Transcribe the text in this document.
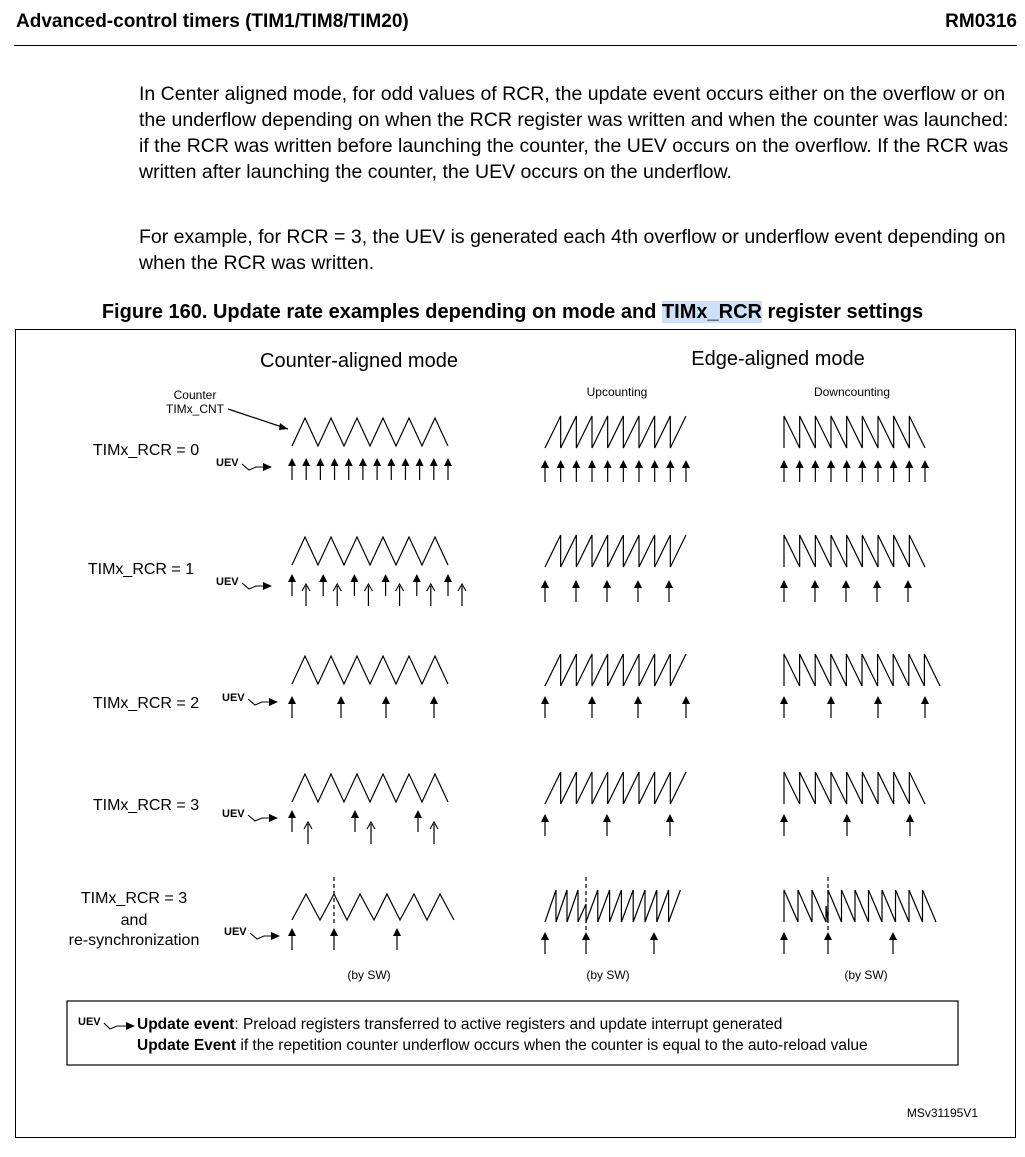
Advanced-control timers (TIM1/TIM8/TIM20)	RM0316

In Center aligned mode, for odd values of RCR, the update event occurs either on the overflow or on the underflow depending on when the RCR register was written and when the counter was launched: if the RCR was written before launching the counter, the UEV occurs on the overflow. If the RCR was written after launching the counter, the UEV occurs on the underflow.

For example, for RCR = 3, the UEV is generated each 4th overflow or underflow event depending on when the RCR was written.

Figure 160. Update rate examples depending on mode and TIMx_RCR register settings
Counter-aligned mode	Edge-aligned mode
Upcounting	Downcounting
Counter
TIMx_CNT
TIMx_RCR = 0
UEV
TIMx_RCR = 1
UEV
TIMx_RCR = 2 UEV
TIMx_RCR = 3 UEV
TIMx_RCR = 3
and
re-synchronization UEV
(by SW)	(by SW)	(by SW)
UEV Update event: Preload registers transferred to active registers and update interrupt generated
Update Event if the repetition counter underflow occurs when the counter is equal to the auto-reload value
MSv31195V1
